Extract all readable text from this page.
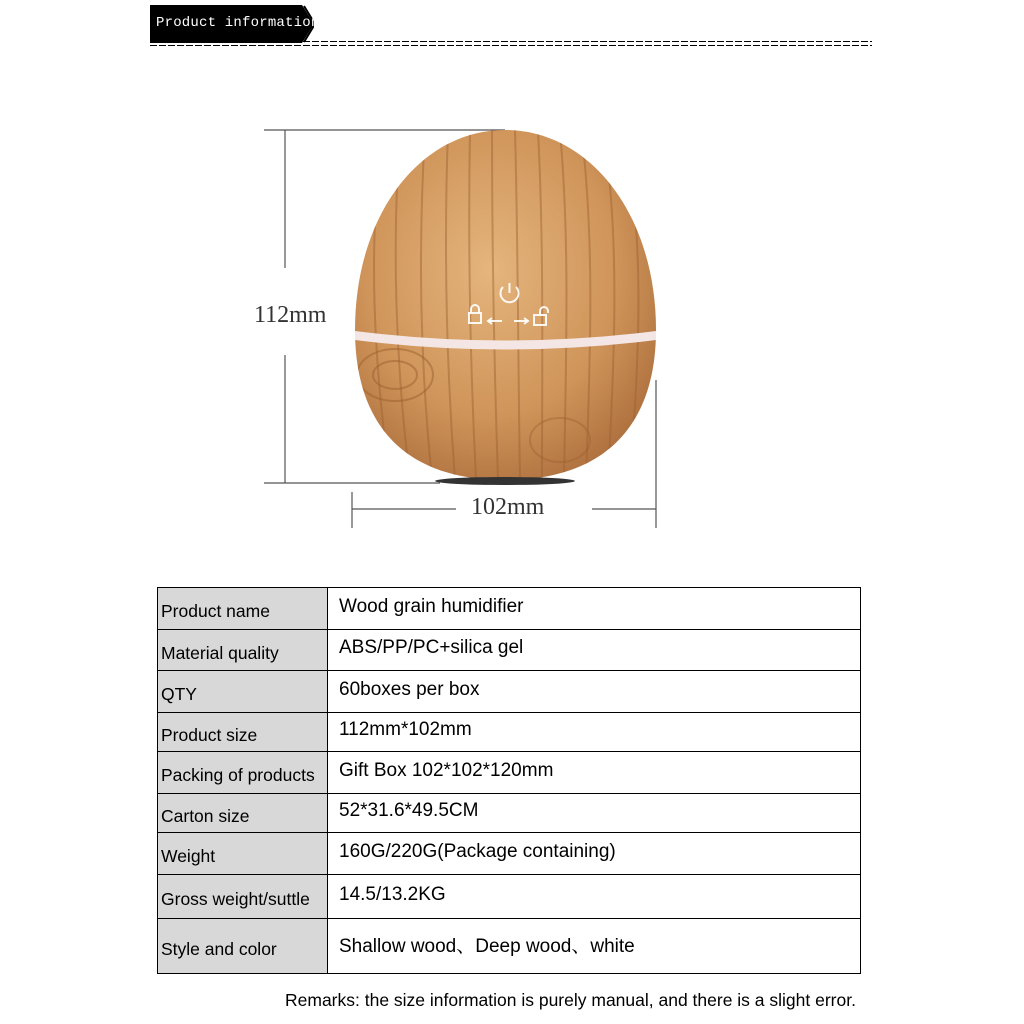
Product information
112mm
102mm
Product name	Wood grain humidifier
Material quality	ABS/PP/PC+silica gel
QTY	60boxes per box
Product size	112mm*102mm
Packing of products	Gift Box 102*102*120mm
Carton size	52*31.6*49.5CM
Weight	160G/220G(Package containing)
Gross weight/suttle	14.5/13.2KG
Style and color	Shallow wood、Deep wood、white
Remarks: the size information is purely manual, and there is a slight error.
